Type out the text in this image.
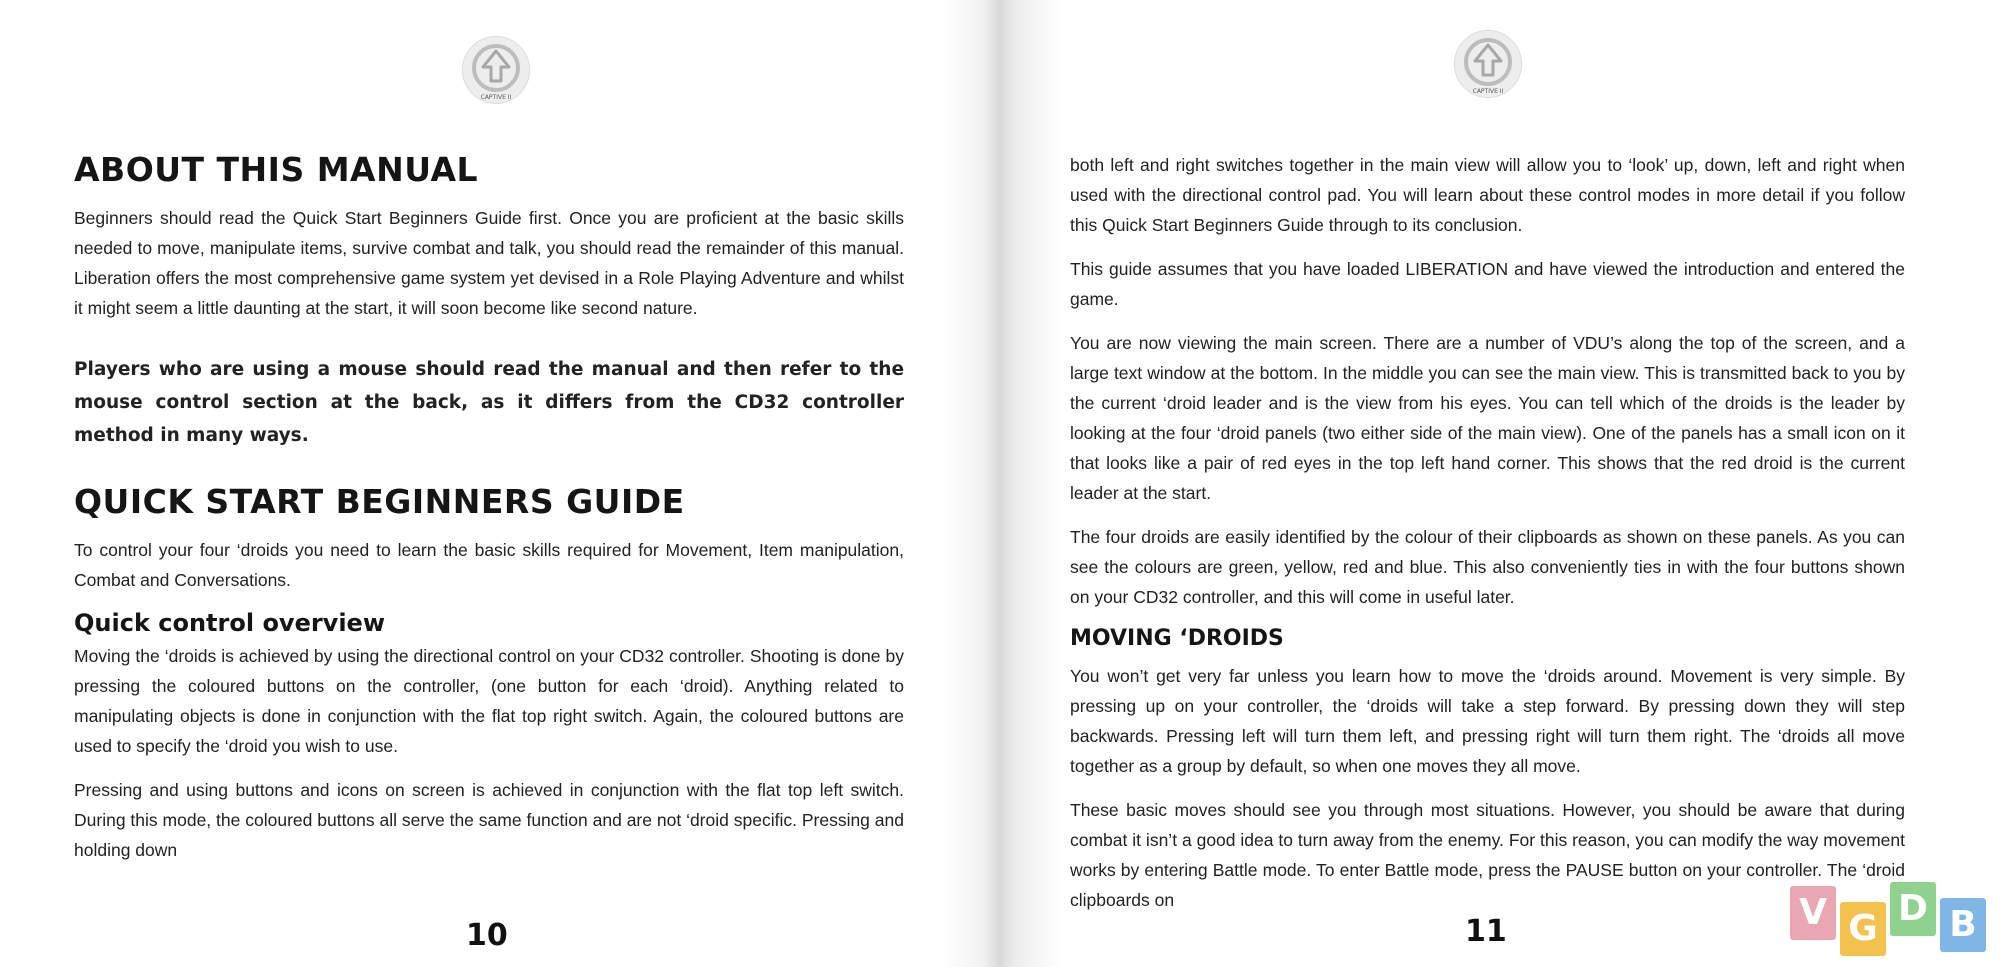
CAPTIVE II
ABOUT THIS MANUAL

Beginners should read the Quick Start Beginners Guide first. Once you are proficient at the basic skills needed to move, manipulate items, survive combat and talk, you should read the remainder of this manual. Liberation offers the most comprehensive game system yet devised in a Role Playing Adventure and whilst it might seem a little daunting at the start, it will soon become like second nature.

Players who are using a mouse should read the manual and then refer to the mouse control section at the back, as it differs from the CD32 controller method in many ways.

QUICK START BEGINNERS GUIDE

To control your four ‘droids you need to learn the basic skills required for Movement, Item manipulation, Combat and Conversations.

Quick control overview

Moving the ‘droids is achieved by using the directional control on your CD32 controller. Shooting is done by pressing the coloured buttons on the controller, (one button for each ‘droid). Anything related to manipulating objects is done in conjunction with the flat top right switch. Again, the coloured buttons are used to specify the ‘droid you wish to use.

Pressing and using buttons and icons on screen is achieved in conjunction with the flat top left switch. During this mode, the coloured buttons all serve the same function and are not ‘droid specific. Pressing and holding down

10
CAPTIVE II

both left and right switches together in the main view will allow you to ‘look’ up, down, left and right when used with the directional control pad. You will learn about these control modes in more detail if you follow this Quick Start Beginners Guide through to its conclusion.

This guide assumes that you have loaded LIBERATION and have viewed the introduction and entered the game.

You are now viewing the main screen. There are a number of VDU’s along the top of the screen, and a large text window at the bottom. In the middle you can see the main view. This is transmitted back to you by the current ‘droid leader and is the view from his eyes. You can tell which of the droids is the leader by looking at the four ‘droid panels (two either side of the main view). One of the panels has a small icon on it that looks like a pair of red eyes in the top left hand corner. This shows that the red droid is the current leader at the start.

The four droids are easily identified by the colour of their clipboards as shown on these panels. As you can see the colours are green, yellow, red and blue. This also conveniently ties in with the four buttons shown on your CD32 controller, and this will come in useful later.

MOVING ‘DROIDS

You won’t get very far unless you learn how to move the ‘droids around. Movement is very simple. By pressing up on your controller, the ‘droids will take a step forward. By pressing down they will step backwards. Pressing left will turn them left, and pressing right will turn them right. The ‘droids all move together as a group by default, so when one moves they all move.

These basic moves should see you through most situations. However, you should be aware that during combat it isn’t a good idea to turn away from the enemy. For this reason, you can modify the way movement works by entering Battle mode. To enter Battle mode, press the PAUSE button on your controller. The ‘droid clipboards on

11	V G D B
